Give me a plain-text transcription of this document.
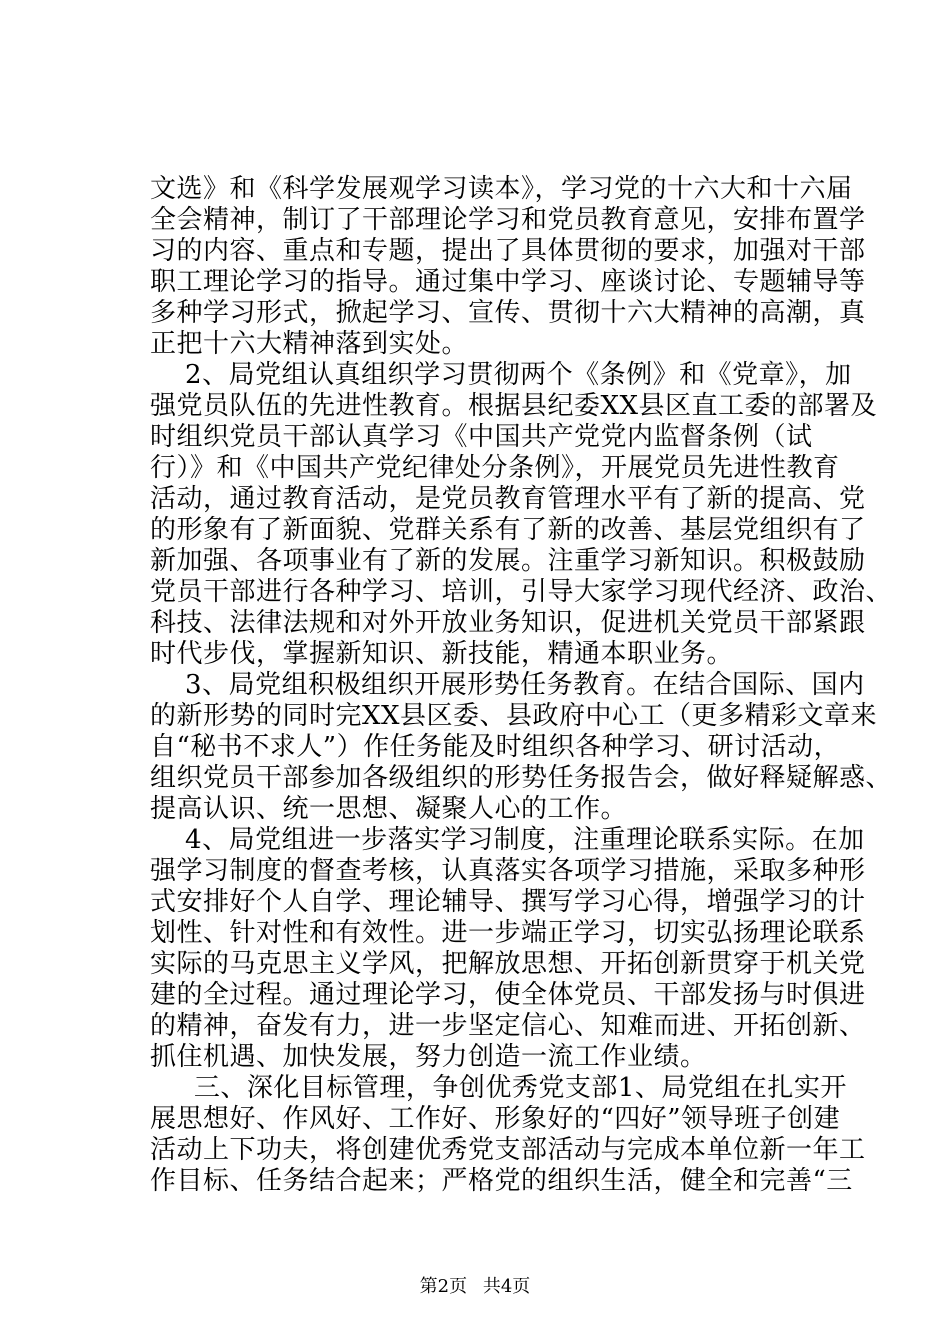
文选》和《科学发展观学习读本》，学习党的十六大和十六届
全会精神，制订了干部理论学习和党员教育意见，安排布置学
习的内容、重点和专题，提出了具体贯彻的要求，加强对干部
职工理论学习的指导。通过集中学习、座谈讨论、专题辅导等
多种学习形式，掀起学习、宣传、贯彻十六大精神的高潮，真
正把十六大精神落到实处。
2、局党组认真组织学习贯彻两个《条例》和《党章》，加
强党员队伍的先进性教育。根据县纪委XX县区直工委的部署及
时组织党员干部认真学习《中国共产党党内监督条例（试
行）》和《中国共产党纪律处分条例》，开展党员先进性教育
活动，通过教育活动，是党员教育管理水平有了新的提高、党
的形象有了新面貌、党群关系有了新的改善、基层党组织有了
新加强、各项事业有了新的发展。注重学习新知识。积极鼓励
党员干部进行各种学习、培训，引导大家学习现代经济、政治、
科技、法律法规和对外开放业务知识，促进机关党员干部紧跟
时代步伐，掌握新知识、新技能，精通本职业务。
3、局党组积极组织开展形势任务教育。在结合国际、国内
的新形势的同时完XX县区委、县政府中心工（更多精彩文章来
自“秘书不求人”）作任务能及时组织各种学习、研讨活动，
组织党员干部参加各级组织的形势任务报告会，做好释疑解惑、
提高认识、统一思想、凝聚人心的工作。
4、局党组进一步落实学习制度，注重理论联系实际。在加
强学习制度的督查考核，认真落实各项学习措施，采取多种形
式安排好个人自学、理论辅导、撰写学习心得，增强学习的计
划性、针对性和有效性。进一步端正学习，切实弘扬理论联系
实际的马克思主义学风，把解放思想、开拓创新贯穿于机关党
建的全过程。通过理论学习，使全体党员、干部发扬与时俱进
的精神，奋发有力，进一步坚定信心、知难而进、开拓创新、
抓住机遇、加快发展，努力创造一流工作业绩。
三、深化目标管理，争创优秀党支部1、局党组在扎实开
展思想好、作风好、工作好、形象好的“四好”领导班子创建
活动上下功夫，将创建优秀党支部活动与完成本单位新一年工
作目标、任务结合起来；严格党的组织生活，健全和完善“三
第2页 共4页
